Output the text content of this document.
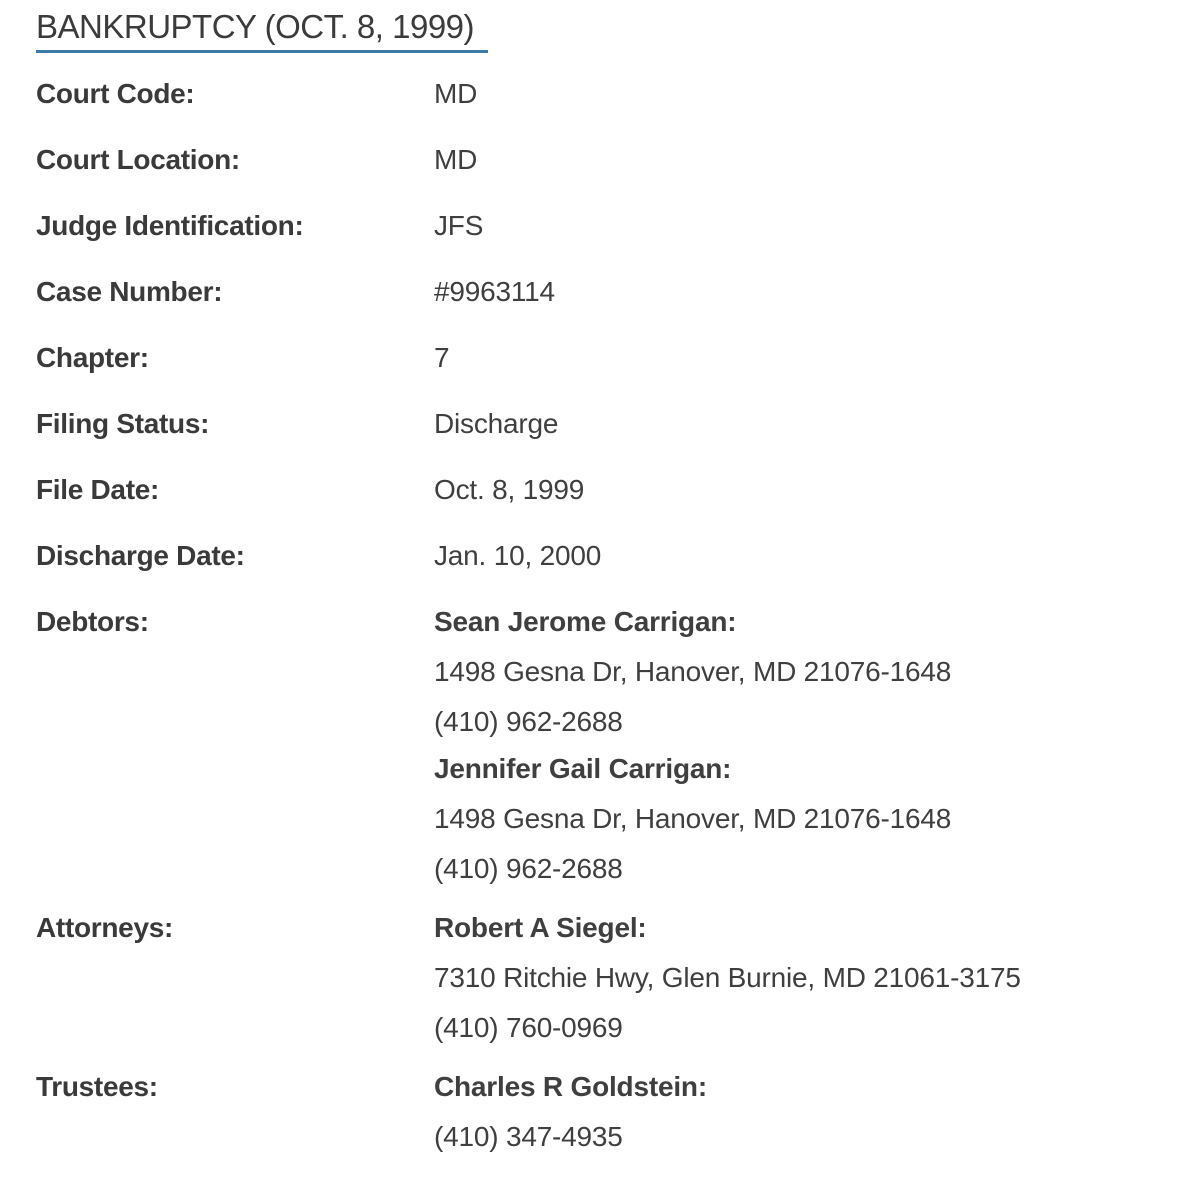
BANKRUPTCY (OCT. 8, 1999)
Court Code:	MD
Court Location:	MD
Judge Identification:	JFS
Case Number:	#9963114
Chapter:	7
Filing Status:	Discharge
File Date:	Oct. 8, 1999
Discharge Date:	Jan. 10, 2000
Debtors:	Sean Jerome Carrigan:
1498 Gesna Dr, Hanover, MD 21076-1648
(410) 962-2688
Jennifer Gail Carrigan:
1498 Gesna Dr, Hanover, MD 21076-1648
(410) 962-2688
Attorneys:	Robert A Siegel:
7310 Ritchie Hwy, Glen Burnie, MD 21061-3175
(410) 760-0969
Trustees:	Charles R Goldstein:
(410) 347-4935
